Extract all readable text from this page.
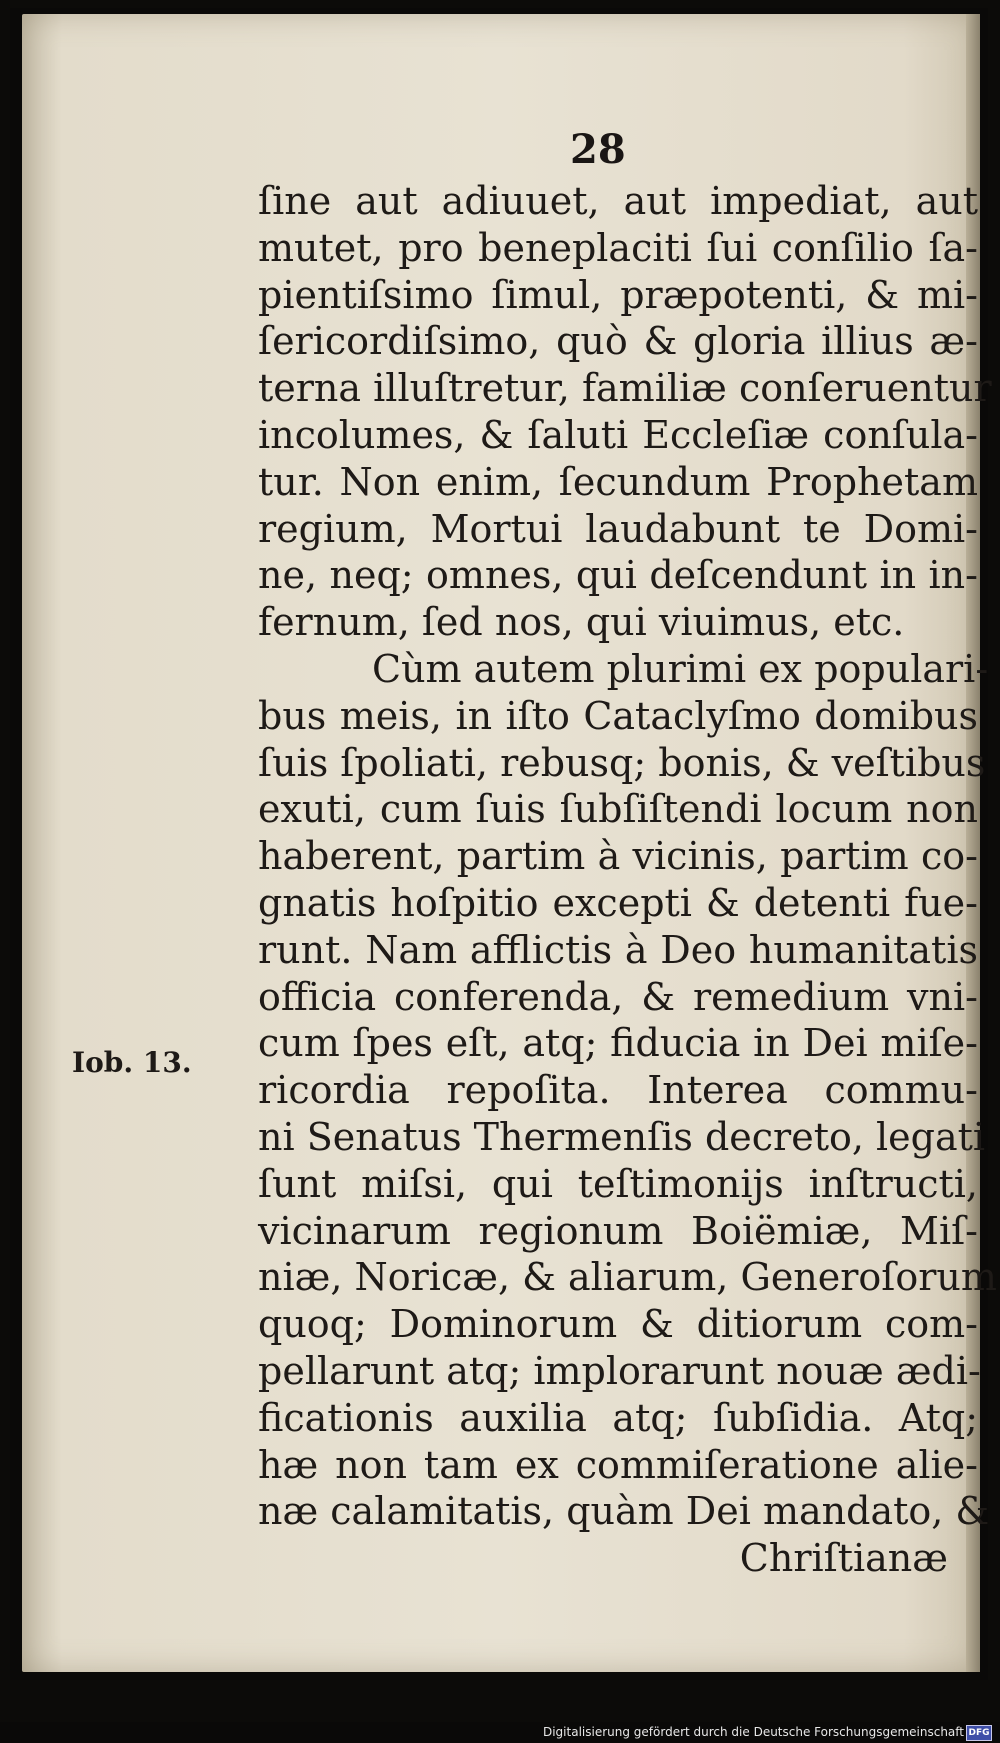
28
Iob. 13.
ſine aut adiuuet, aut impediat, aut
mutet, pro beneplaciti ſui conſilio ſa-
pientiſsimo ſimul, præpotenti, & mi-
ſericordiſsimo, quò & gloria illius æ-
terna illuſtretur, familiæ conſeruentur
incolumes, & ſaluti Eccleſiæ conſula-
tur. Non enim, ſecundum Prophetam
regium, Mortui laudabunt te Domi-
ne, neq; omnes, qui deſcendunt in in-
fernum, ſed nos, qui viuimus, etc.
Cùm autem plurimi ex populari-
bus meis, in iſto Cataclyſmo domibus
ſuis ſpoliati, rebusq; bonis, & veſtibus
exuti, cum ſuis ſubſiſtendi locum non
haberent, partim à vicinis, partim co-
gnatis hoſpitio excepti & detenti fue-
runt. Nam afflictis à Deo humanitatis
officia conferenda, & remedium vni-
cum ſpes eſt, atq; fiducia in Dei miſe-
ricordia repoſita. Interea commu-
ni Senatus Thermenſis decreto, legati
ſunt miſsi, qui teſtimonijs inſtructi,
vicinarum regionum Boiëmiæ, Miſ-
niæ, Noricæ, & aliarum, Generoſorum
quoq; Dominorum & ditiorum com-
pellarunt atq; implorarunt nouæ ædi-
ficationis auxilia atq; ſubſidia. Atq;
hæ non tam ex commiſeratione alie-
næ calamitatis, quàm Dei mandato, &
Chriſtianæ
Digitalisierung gefördert durch die Deutsche Forschungsgemeinschaft DFG
